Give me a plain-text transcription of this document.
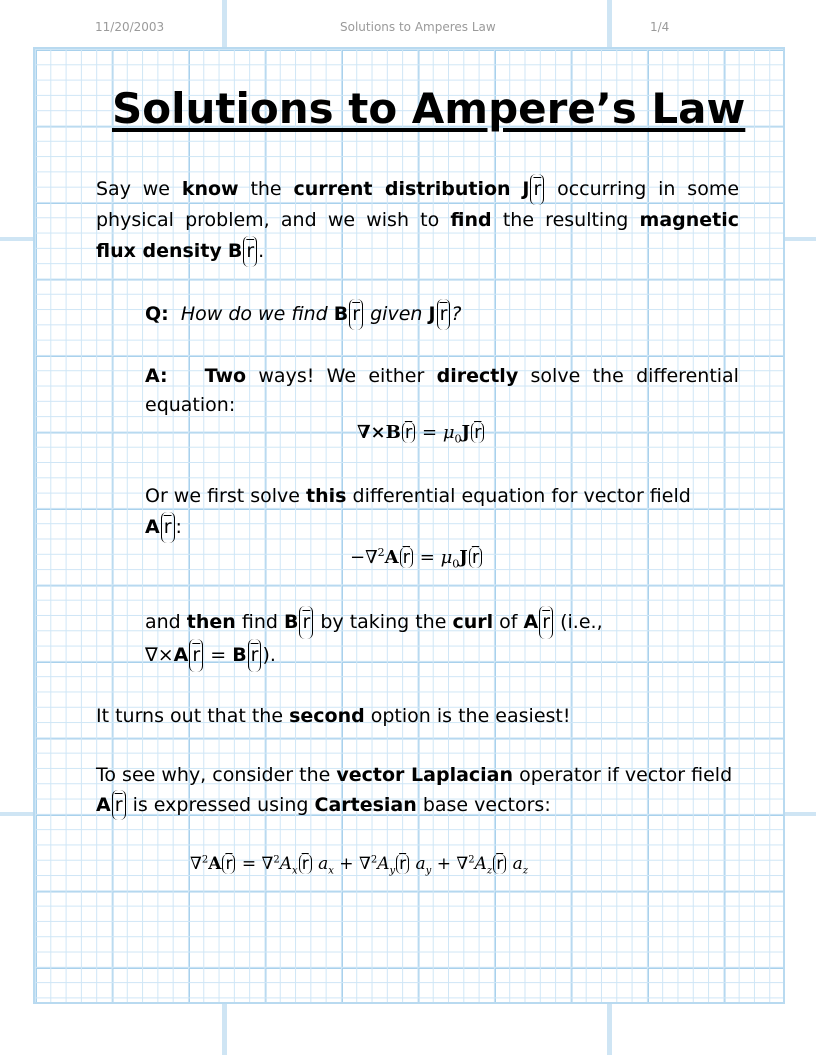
11/20/2003	Solutions to Amperes Law	1/4
Solutions to Ampere’s Law
Say we know the current distribution J $\overline{r}$ occurring in some physical problem, and we wish to find the resulting magnetic flux density B $\overline{r}$ .
Q: How do we find B $\overline{r}$ given J $\overline{r}$ ?
A: Two ways! We either directly solve the differential equation:
∇×B $\overline{r} = \mu_0J$ $\overline{r}$
Or we first solve this differential equation for vector field
A $\overline{r}$ :
−∇$^2$A $\overline{r} = \mu_0J$ $\overline{r}$
and then find B $\overline{r}$ by taking the curl of A $\overline{r}$ (i.e.,
∇×A $\overline{r} = B$ $\overline{r}$ ).
It turns out that the second option is the easiest!
To see why, consider the vector Laplacian operator if vector field
A $\overline{r}$ is expressed using Cartesian base vectors:
∇$^2$A $\overline{r} = \nabla^2A_x$ $\overline{r}$ $a_x + \nabla^2A_y$ $\overline{r}$ $a_y + \nabla^2A_z$ $\overline{r}$ $a_z$
